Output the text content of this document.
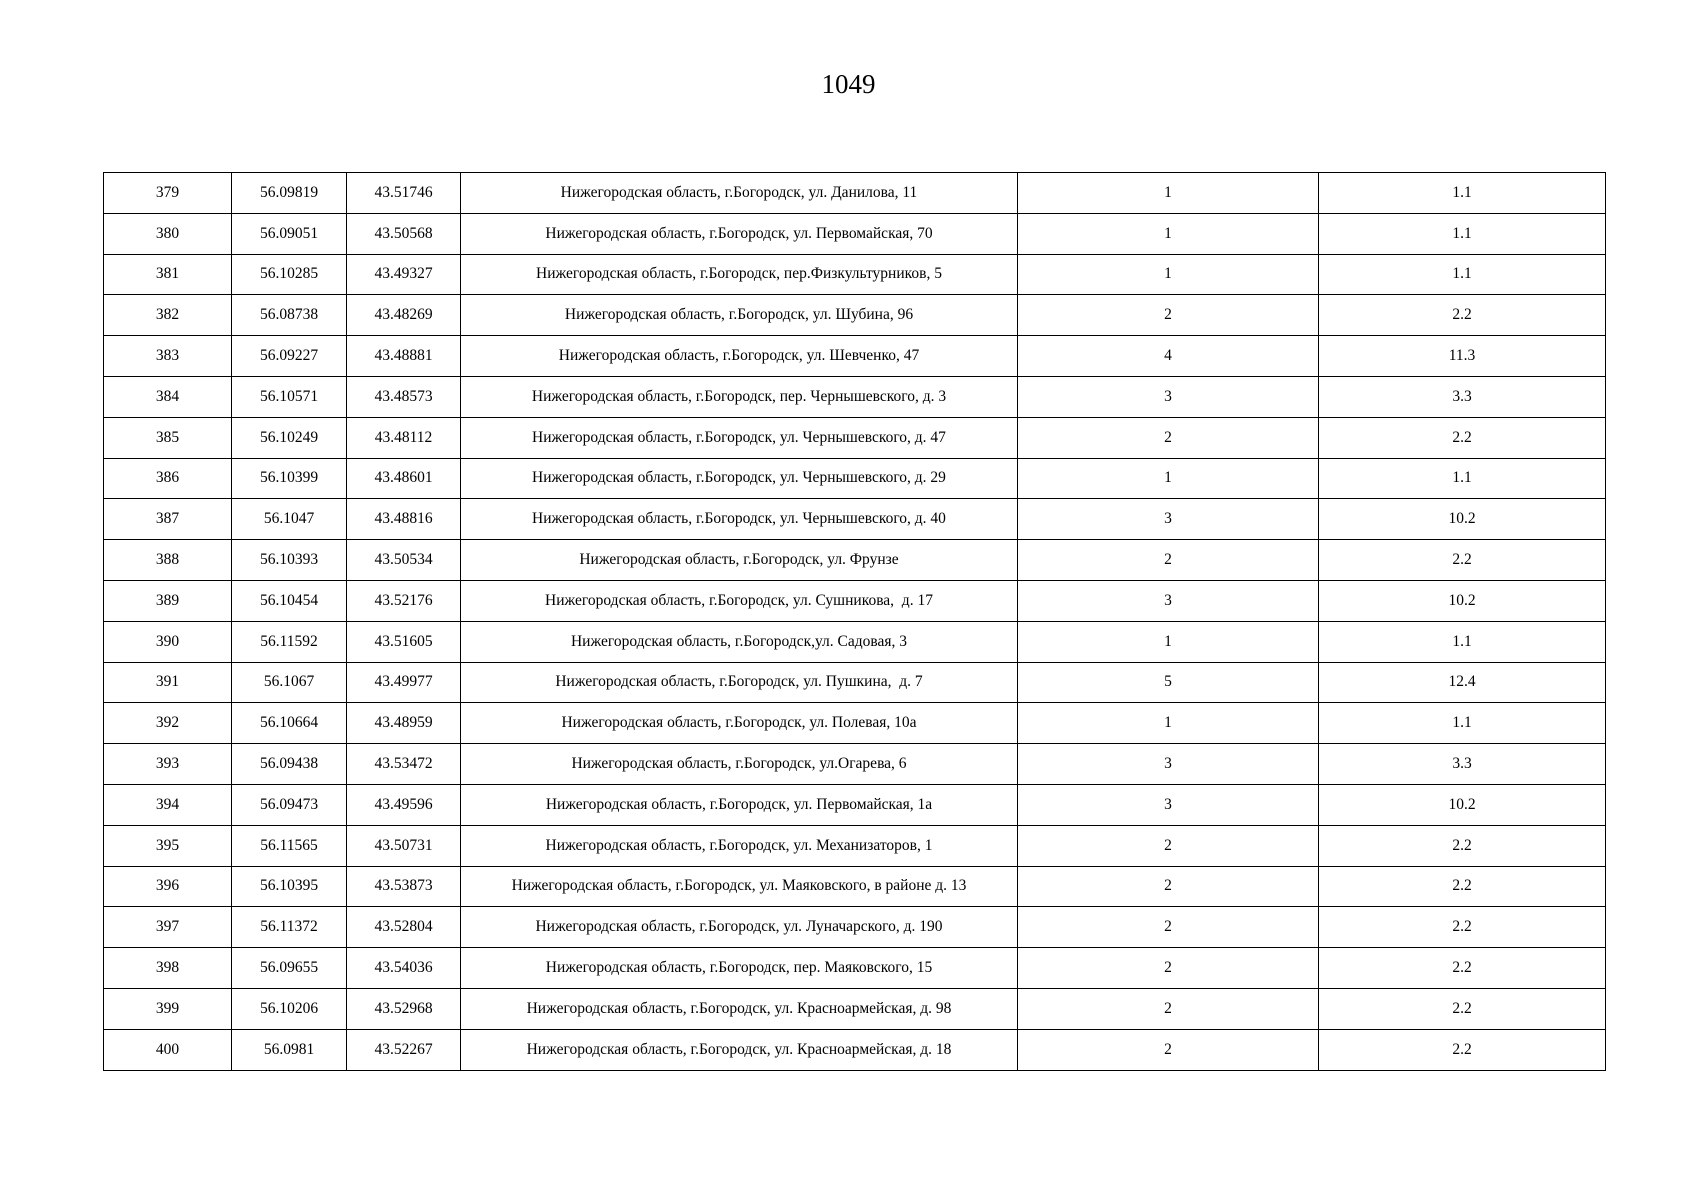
1049
379	56.09819	43.51746	Нижегородская область, г.Богородск, ул. Данилова, 11	1	1.1
380	56.09051	43.50568	Нижегородская область, г.Богородск, ул. Первомайская, 70	1	1.1
381	56.10285	43.49327	Нижегородская область, г.Богородск, пер.Физкультурников, 5	1	1.1
382	56.08738	43.48269	Нижегородская область, г.Богородск, ул. Шубина, 96	2	2.2
383	56.09227	43.48881	Нижегородская область, г.Богородск, ул. Шевченко, 47	4	11.3
384	56.10571	43.48573	Нижегородская область, г.Богородск, пер. Чернышевского, д. 3	3	3.3
385	56.10249	43.48112	Нижегородская область, г.Богородск, ул. Чернышевского, д. 47	2	2.2
386	56.10399	43.48601	Нижегородская область, г.Богородск, ул. Чернышевского, д. 29	1	1.1
387	56.1047	43.48816	Нижегородская область, г.Богородск, ул. Чернышевского, д. 40	3	10.2
388	56.10393	43.50534	Нижегородская область, г.Богородск, ул. Фрунзе	2	2.2
389	56.10454	43.52176	Нижегородская область, г.Богородск, ул. Сушникова,  д. 17	3	10.2
390	56.11592	43.51605	Нижегородская область, г.Богородск,ул. Садовая, 3	1	1.1
391	56.1067	43.49977	Нижегородская область, г.Богородск, ул. Пушкина,  д. 7	5	12.4
392	56.10664	43.48959	Нижегородская область, г.Богородск, ул. Полевая, 10а	1	1.1
393	56.09438	43.53472	Нижегородская область, г.Богородск, ул.Огарева, 6	3	3.3
394	56.09473	43.49596	Нижегородская область, г.Богородск, ул. Первомайская, 1а	3	10.2
395	56.11565	43.50731	Нижегородская область, г.Богородск, ул. Механизаторов, 1	2	2.2
396	56.10395	43.53873	Нижегородская область, г.Богородск, ул. Маяковского, в районе д. 13	2	2.2
397	56.11372	43.52804	Нижегородская область, г.Богородск, ул. Луначарского, д. 190	2	2.2
398	56.09655	43.54036	Нижегородская область, г.Богородск, пер. Маяковского, 15	2	2.2
399	56.10206	43.52968	Нижегородская область, г.Богородск, ул. Красноармейская, д. 98	2	2.2
400	56.0981	43.52267	Нижегородская область, г.Богородск, ул. Красноармейская, д. 18	2	2.2
